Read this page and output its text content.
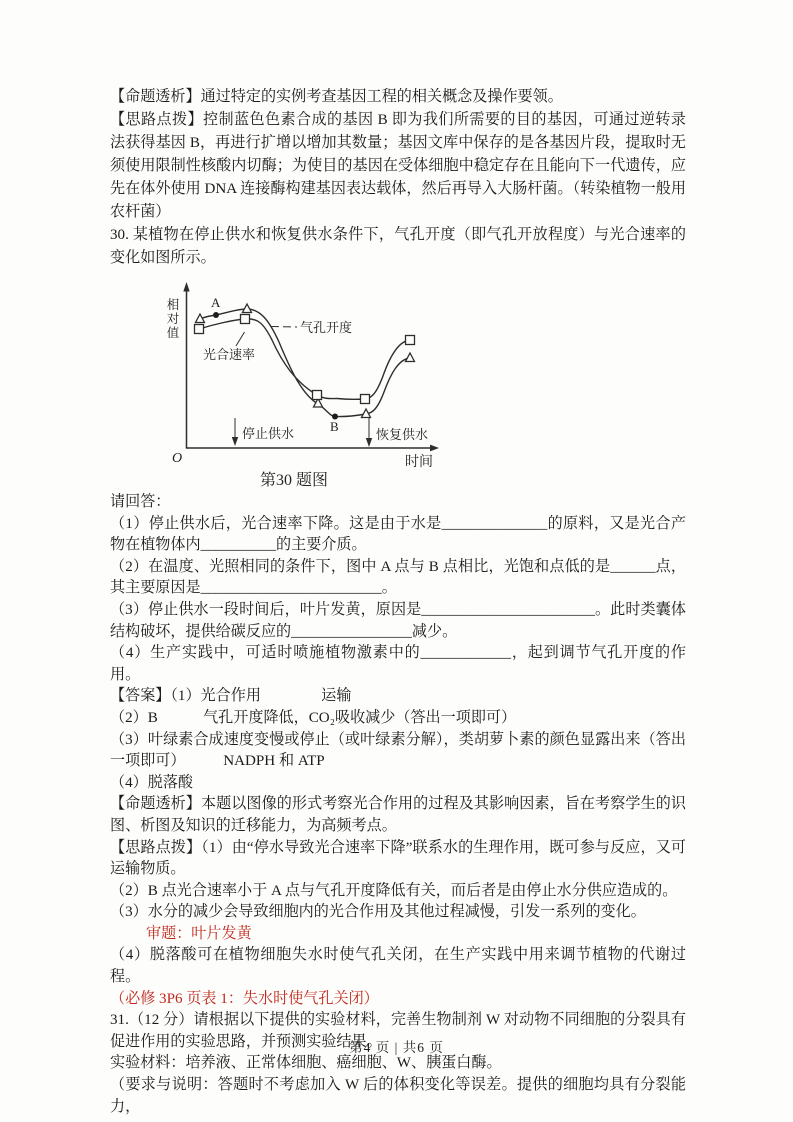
【命题透析】通过特定的实例考查基因工程的相关概念及操作要领。

【思路点拨】控制蓝色色素合成的基因 B 即为我们所需要的目的基因，可通过逆转录法获得基因 B，再进行扩增以增加其数量；基因文库中保存的是各基因片段，提取时无须使用限制性核酸内切酶；为使目的基因在受体细胞中稳定存在且能向下一代遗传，应先在体外使用 DNA 连接酶构建基因表达载体，然后再导入大肠杆菌。（转染植物一般用农杆菌）

30. 某植物在停止供水和恢复供水条件下，气孔开度（即气孔开放程度）与光合速率的变化如图所示。

相
对
值
O	时间
A
B
气孔开度
光合速率
停止供水	恢复供水
第30 题图

请回答：

（1）停止供水后，光合速率下降。这是由于水是______________的原料，又是光合产物在植物体内__________的主要介质。

（2）在温度、光照相同的条件下，图中 A 点与 B 点相比，光饱和点低的是______点，其主要原因是________________________。

（3）停止供水一段时间后，叶片发黄，原因是_______________________。此时类囊体结构破坏，提供给碳反应的________________减少。

（4）生产实践中，可适时喷施植物激素中的____________，起到调节气孔开度的作用。

【答案】（1）光合作用　　　　运输

（2）B　　　气孔开度降低，CO₂吸收减少（答出一项即可）

（3）叶绿素合成速度变慢或停止（或叶绿素分解），类胡萝卜素的颜色显露出来（答出一项即可）　　　NADPH 和 ATP

（4）脱落酸

【命题透析】本题以图像的形式考察光合作用的过程及其影响因素，旨在考察学生的识图、析图及知识的迁移能力，为高频考点。

【思路点拨】（1）由“停水导致光合速率下降”联系水的生理作用，既可参与反应，又可运输物质。

（2）B 点光合速率小于 A 点与气孔开度降低有关，而后者是由停止水分供应造成的。

（3）水分的减少会导致细胞内的光合作用及其他过程减慢，引发一系列的变化。

审题：叶片发黄

（4）脱落酸可在植物细胞失水时使气孔关闭，在生产实践中用来调节植物的代谢过程。

（必修 3P6 页表 1：失水时使气孔关闭）

31.（12 分）请根据以下提供的实验材料，完善生物制剂 W 对动物不同细胞的分裂具有促进作用的实验思路，并预测实验结果。

实验材料：培养液、正常体细胞、癌细胞、W、胰蛋白酶。

（要求与说明：答题时不考虑加入 W 后的体积变化等误差。提供的细胞均具有分裂能力，

第4 页 | 共6 页
